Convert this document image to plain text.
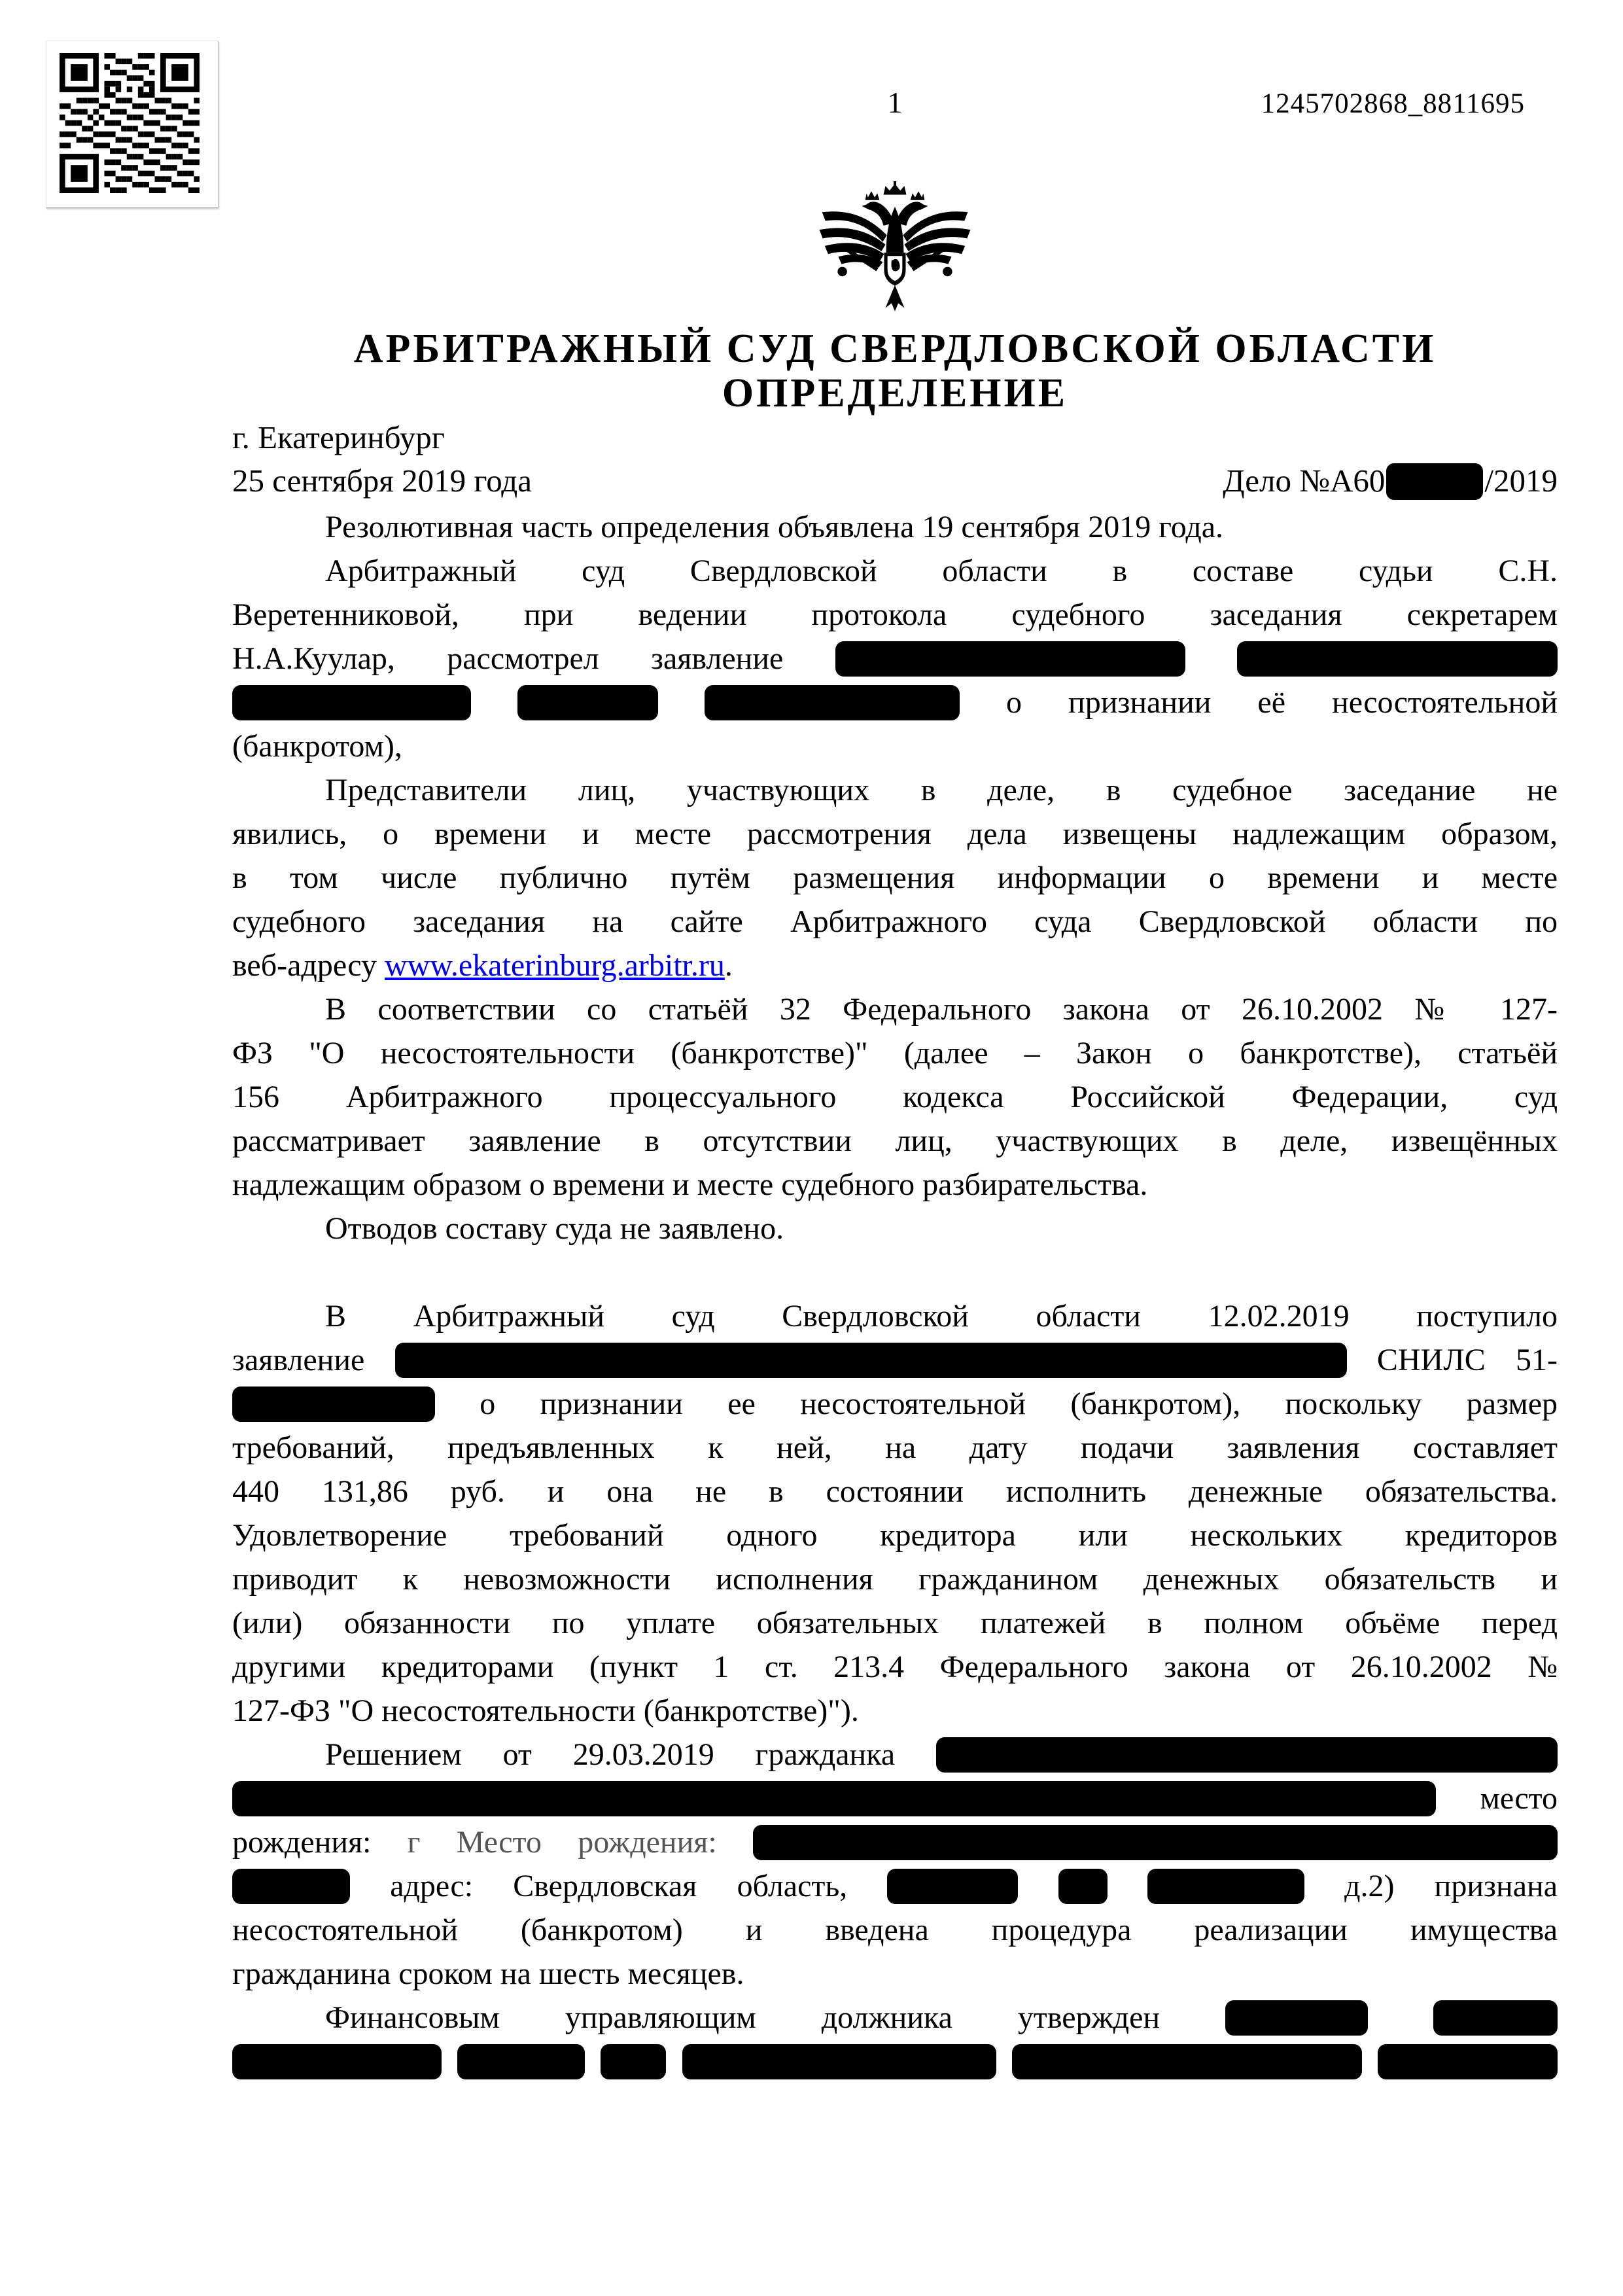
1	1245702868_8811695
АРБИТРАЖНЫЙ СУД СВЕРДЛОВСКОЙ ОБЛАСТИ
ОПРЕДЕЛЕНИЕ
г. Екатеринбург
25 сентября 2019 года	Дело №А60	/2019
Резолютивная часть определения объявлена 19 сентября 2019 года.
Арбитражный суд Свердловской области в составе судьи С.Н.
Веретенниковой, при ведении протокола судебного заседания секретарем
Н.А.Куулар, рассмотрел заявление
о признании её несостоятельной
(банкротом),
Представители лиц, участвующих в деле, в судебное заседание не
явились, о времени и месте рассмотрения дела извещены надлежащим образом,
в том числе публично путём размещения информации о времени и месте
судебного заседания на сайте Арбитражного суда Свердловской области по
веб-адресу www.ekaterinburg.arbitr.ru.
В соответствии со статьёй 32 Федерального закона от 26.10.2002 № 127-
ФЗ "О несостоятельности (банкротстве)" (далее – Закон о банкротстве), статьёй
156 Арбитражного процессуального кодекса Российской Федерации, суд
рассматривает заявление в отсутствии лиц, участвующих в деле, извещённых
надлежащим образом о времени и месте судебного разбирательства.
Отводов составу суда не заявлено.

В Арбитражный суд Свердловской области 12.02.2019 поступило
заявление	СНИЛС 51-
о признании ее несостоятельной (банкротом), поскольку размер
требований, предъявленных к ней, на дату подачи заявления составляет
440 131,86 руб. и она не в состоянии исполнить денежные обязательства.
Удовлетворение требований одного кредитора или нескольких кредиторов
приводит к невозможности исполнения гражданином денежных обязательств и
(или) обязанности по уплате обязательных платежей в полном объёме перед
другими кредиторами (пункт 1 ст. 213.4 Федерального закона от 26.10.2002 №
127-ФЗ "О несостоятельности (банкротстве)").
Решением от 29.03.2019 гражданка
место
рождения: г Место рождения:
адрес: Свердловская область,	д.2) признана
несостоятельной (банкротом) и введена процедура реализации имущества
гражданина сроком на шесть месяцев.
Финансовым управляющим должника утвержден
